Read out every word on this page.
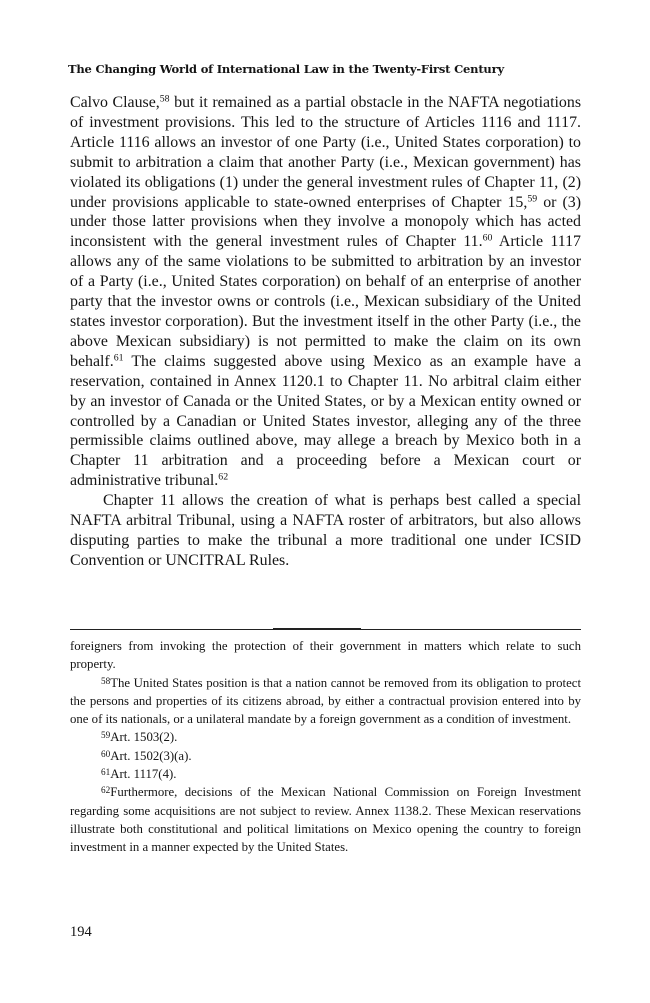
The Changing World of International Law in the Twenty-First Century

Calvo Clause,$^{58}$ but it remained as a partial obstacle in the NAFTA negotiations of investment provisions. This led to the structure of Articles 1116 and 1117. Article 1116 allows an investor of one Party (i.e., United States corporation) to submit to arbitration a claim that another Party (i.e., Mexican government) has violated its obligations (1) under the general investment rules of Chapter 11, (2) under provisions applicable to state-owned enterprises of Chapter 15,59 or (3) under those latter provisions when they involve a monopoly which has acted inconsistent with the general investment rules of Chapter 11.60 Article 1117 allows any of the same violations to be submitted to arbitration by an investor of a Party (i.e., United States corporation) on behalf of an enterprise of another party that the investor owns or controls (i.e., Mexican subsidiary of the United states investor corporation). But the investment itself in the other Party (i.e., the above Mexican subsidiary) is not permitted to make the claim on its own behalf.$^{61}$ The claims suggested above using Mexico as an example have a reservation, contained in Annex 1120.1 to Chapter 11. No arbitral claim either by an investor of Canada or the United States, or by a Mexican entity owned or controlled by a Canadian or United States investor, alleging any of the three permissible claims outlined above, may allege a breach by Mexico both in a Chapter 11 arbitration and a proceeding before a Mexican court or administrative tribunal.$^{62}$

Chapter 11 allows the creation of what is perhaps best called a special NAFTA arbitral Tribunal, using a NAFTA roster of arbitrators, but also allows disputing parties to make the tribunal a more traditional one under ICSID Convention or UNCITRAL Rules.

foreigners from invoking the protection of their government in matters which relate to such property.

$^{58}$The United States position is that a nation cannot be removed from its obligation to protect the persons and properties of its citizens abroad, by either a contractual provision entered into by one of its nationals, or a unilateral mandate by a foreign government as a condition of investment.

$^{59}$Art. 1503(2).

$^{60}$Art. 1502(3)(a).

$^{61}$Art. 1117(4).

$^{62}$Furthermore, decisions of the Mexican National Commission on Foreign Investment regarding some acquisitions are not subject to review. Annex 1138.2. These Mexican reservations illustrate both constitutional and political limitations on Mexico opening the country to foreign investment in a manner expected by the United States.

194
